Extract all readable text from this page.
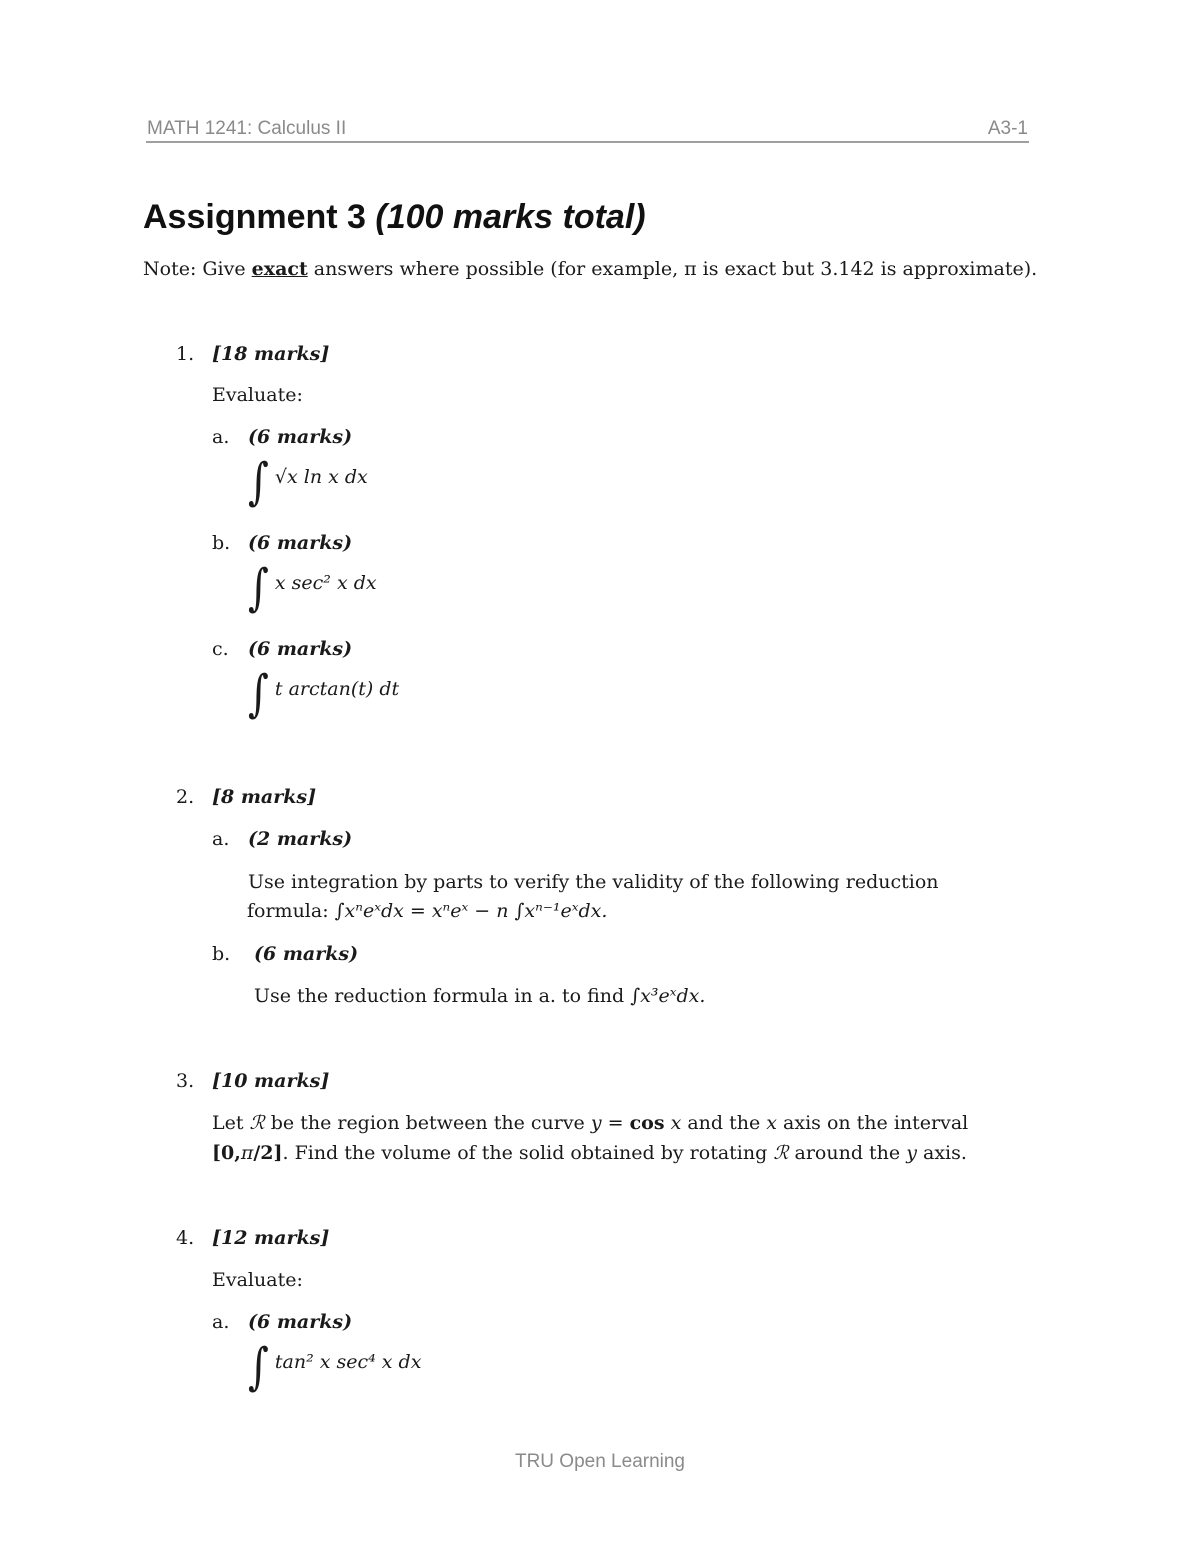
MATH 1241: Calculus II	A3-1
Assignment 3 (100 marks total)
Note: Give exact answers where possible (for example, π is exact but 3.142 is approximate).
1. [18 marks]
Evaluate:
a. (6 marks)
∫ √x ln x dx
b. (6 marks)
∫ x sec² x dx
c. (6 marks)
∫ t arctan(t) dt
2. [8 marks]
a. (2 marks)
Use integration by parts to verify the validity of the following reduction
formula: ∫xⁿeˣdx = xⁿeˣ − n ∫xⁿ⁻¹eˣdx.
b. (6 marks)
Use the reduction formula in a. to find ∫x³eˣdx.
3. [10 marks]
Let ℛ be the region between the curve y = cos x and the x axis on the interval
[0,π/2]. Find the volume of the solid obtained by rotating ℛ around the y axis.
4. [12 marks]
Evaluate:
a. (6 marks)
∫ tan² x sec⁴ x dx
TRU Open Learning
